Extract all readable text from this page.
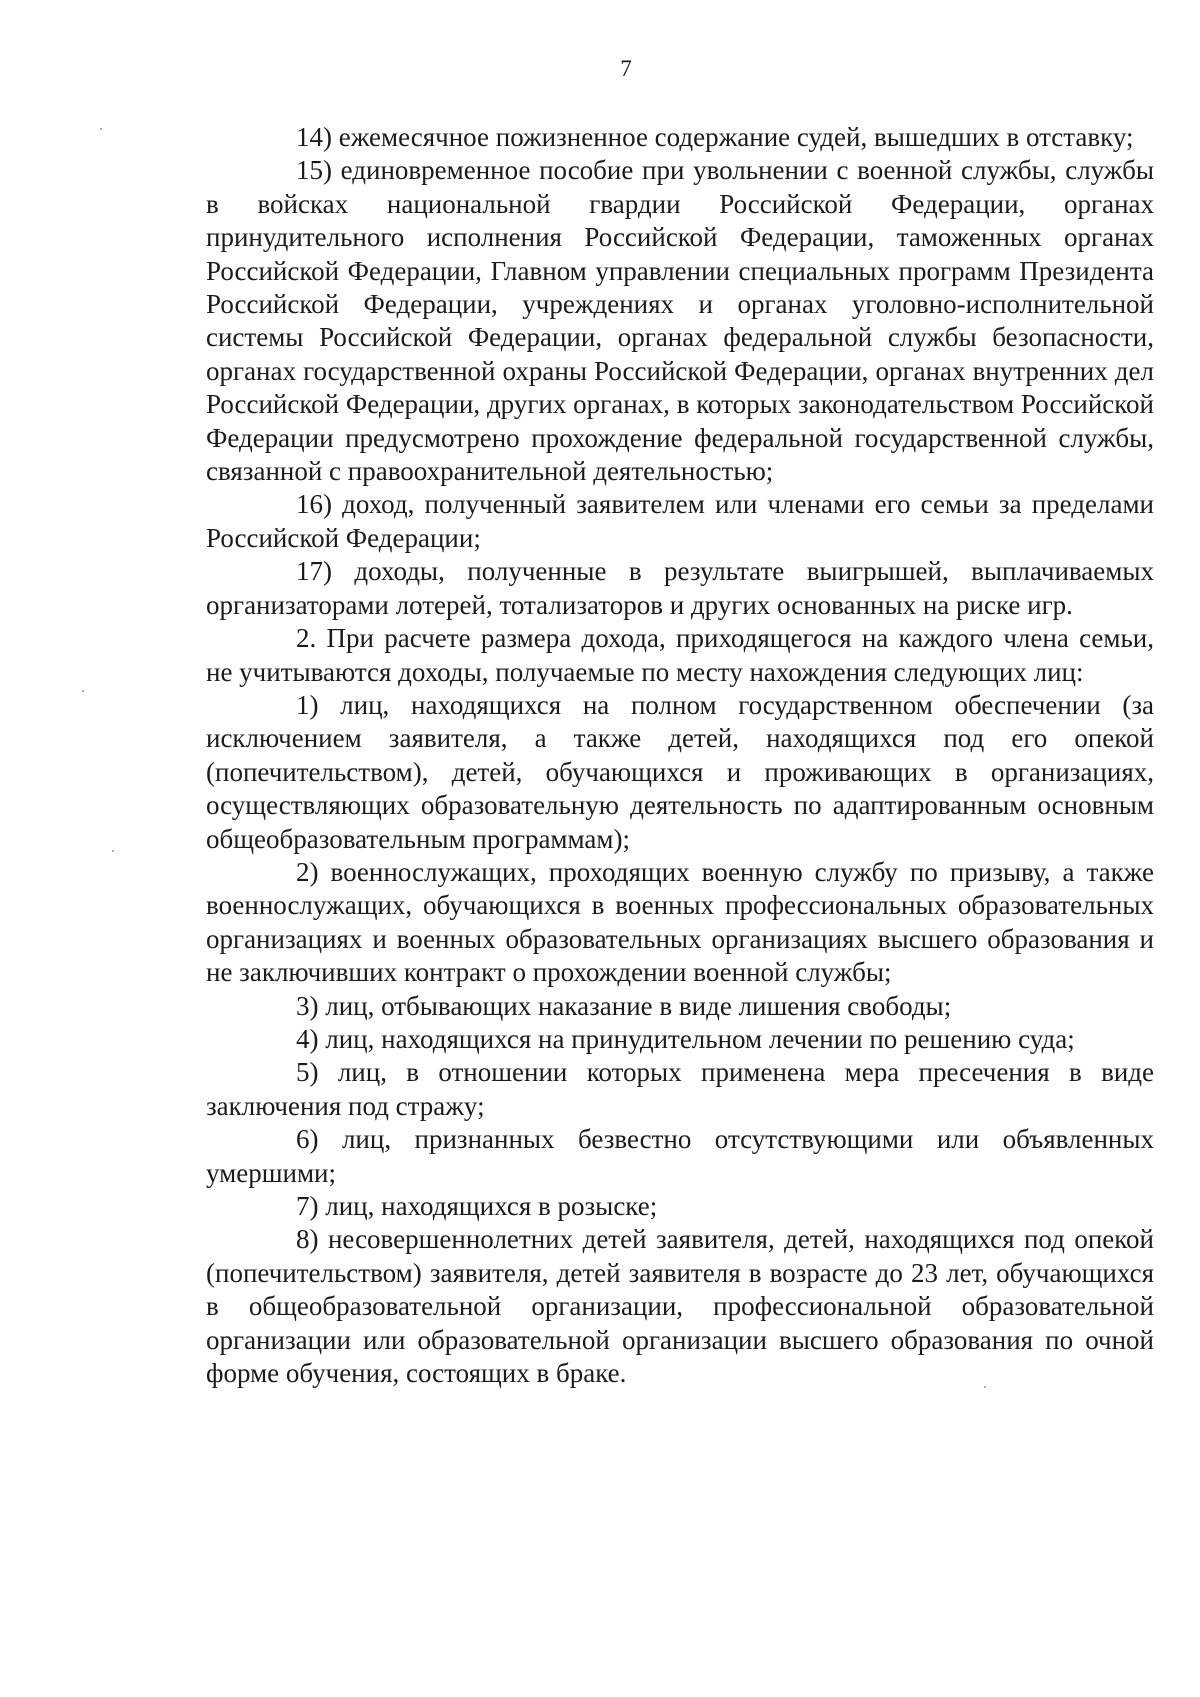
7

14) ежемесячное пожизненное содержание судей, вышедших в отставку;

15) единовременное пособие при увольнении с военной службы, службы в войсках национальной гвардии Российской Федерации, органах принудительного исполнения Российской Федерации, таможенных органах Российской Федерации, Главном управлении специальных программ Президента Российской Федерации, учреждениях и органах уголовно-исполнительной системы Российской Федерации, органах федеральной службы безопасности, органах государственной охраны Российской Федерации, органах внутренних дел Российской Федерации, других органах, в которых законодательством Российской Федерации предусмотрено прохождение федеральной государственной службы, связанной с правоохранительной деятельностью;

16) доход, полученный заявителем или членами его семьи за пределами Российской Федерации;

17) доходы, полученные в результате выигрышей, выплачиваемых организаторами лотерей, тотализаторов и других основанных на риске игр.

2. При расчете размера дохода, приходящегося на каждого члена семьи, не учитываются доходы, получаемые по месту нахождения следующих лиц:

1) лиц, находящихся на полном государственном обеспечении (за исключением заявителя, а также детей, находящихся под его опекой (попечительством), детей, обучающихся и проживающих в организациях, осуществляющих образовательную деятельность по адаптированным основным общеобразовательным программам);

2) военнослужащих, проходящих военную службу по призыву, а также военнослужащих, обучающихся в военных профессиональных образовательных организациях и военных образовательных организациях высшего образования и не заключивших контракт о прохождении военной службы;

3) лиц, отбывающих наказание в виде лишения свободы;

4) лиц, находящихся на принудительном лечении по решению суда;

5) лиц, в отношении которых применена мера пресечения в виде заключения под стражу;

6) лиц, признанных безвестно отсутствующими или объявленных умершими;

7) лиц, находящихся в розыске;

8) несовершеннолетних детей заявителя, детей, находящихся под опекой (попечительством) заявителя, детей заявителя в возрасте до 23 лет, обучающихся в общеобразовательной организации, профессиональной образовательной организации или образовательной организации высшего образования по очной форме обучения, состоящих в браке.
